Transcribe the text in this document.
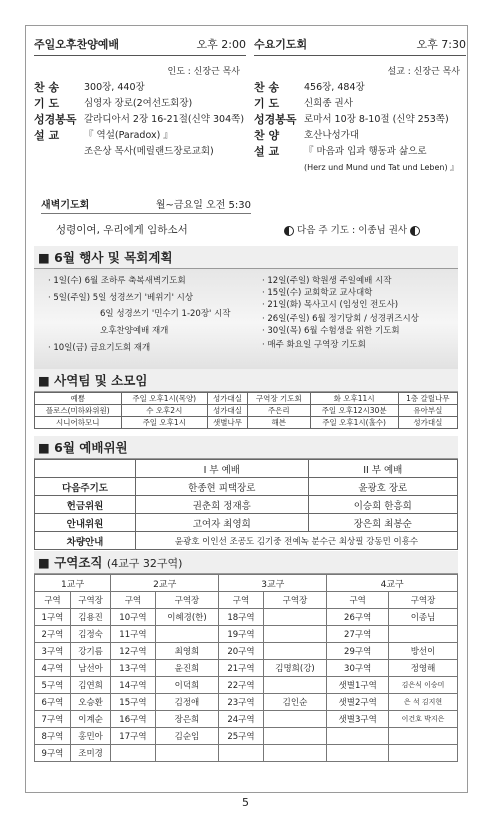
주일오후찬양예배	오후 2:00
인도 : 신장근 목사
찬 송	300장, 440장
기 도	심영자 장로(2여선도회장)
성경봉독 갈라디아서 2장 16-21절(신약 304쪽)
설 교	『 역설(Paradox) 』
조은상 목사(메릴랜드장로교회)
수요기도회	오후 7:30
설교 : 신장근 목사
찬 송	456장, 484장
기 도	신희종 권사
성경봉독 로마서 10장 8-10절 (신약 253쪽)
찬 양	호산나성가대
설 교	『 마음과 입과 행동과 삶으로
(Herz und Mund und Tat und Leben) 』
새벽기도회	월~금요일 오전 5:30
성령이여, 우리에게 임하소서	다음 주 기도 : 이종님 권사
■ 6월 행사 및 목회계획
· 1일(수) 6월 조하루 축복새벽기도회
· 5일(주일) 5일 성경쓰기 '베위기' 시상
6일 성경쓰기 '민수기 1-20장' 시작
오후찬양예배 재개
· 10일(금) 금요기도회 재개
· 12일(주일) 학원생 주일예배 시작
· 15일(수) 교회학교 교사대학
· 21일(화) 목사고시 (임성인 전도사)
· 26일(주일) 6월 정기당회 / 성경퀴즈시상
· 30일(목) 6월 수험생을 위한 기도회
· 매주 화요일 구역장 기도회
■ 사역팀 및 소모임
예쁨	주일 오후1시(목양)	성가대실	구역장 기도회	화 오후11시	1층 갈릴나무
플로스(미하와위원)	수 오후2시	성가대실	주은리	주일 오후12시30분	유아부실
시니어하모니	주일 오후1시	샛별나무	해븐	주일 오후1시(홀수)	성가대실
■ 6월 예배위원
	I 부 예배	II 부 예배
다음주기도	한종현 피택장로	윤광호 장로
헌금위원	권춘희 정재흥	이승희 한흥희
안내위원	고여자 최영희	장은희 최봉순
차량안내	윤광호 이인선 조공도 김기중 전예녹 분수근 최상필 강동민 이흥수	
■ 구역조직 (4교구 32구역)
1교구		2교구		3교구		4교구	
구역	구역장	구역	구역장	구역	구역장	구역	구역장
1구역	김용진	10구역	이혜경(한)	18구역		26구역	이종님
2구역	김정숙	11구역		19구역		27구역	
3구역	강기름	12구역	최영희	20구역		29구역	방선이
4구역	남선아	13구역	윤진희	21구역	김명희(강)	30구역	정영해
5구역	김연희	14구역	이덕희	22구역		샛별1구역	김은식 이승미
6구역	오승환	15구역	김정애	23구역	김인순	샛별2구역	은 석 김지현
7구역	이계순	16구역	장은희	24구역		샛별3구역	이건호 박지은
8구역	홍민아	17구역	김순임	25구역			
9구역	조미경						
5
